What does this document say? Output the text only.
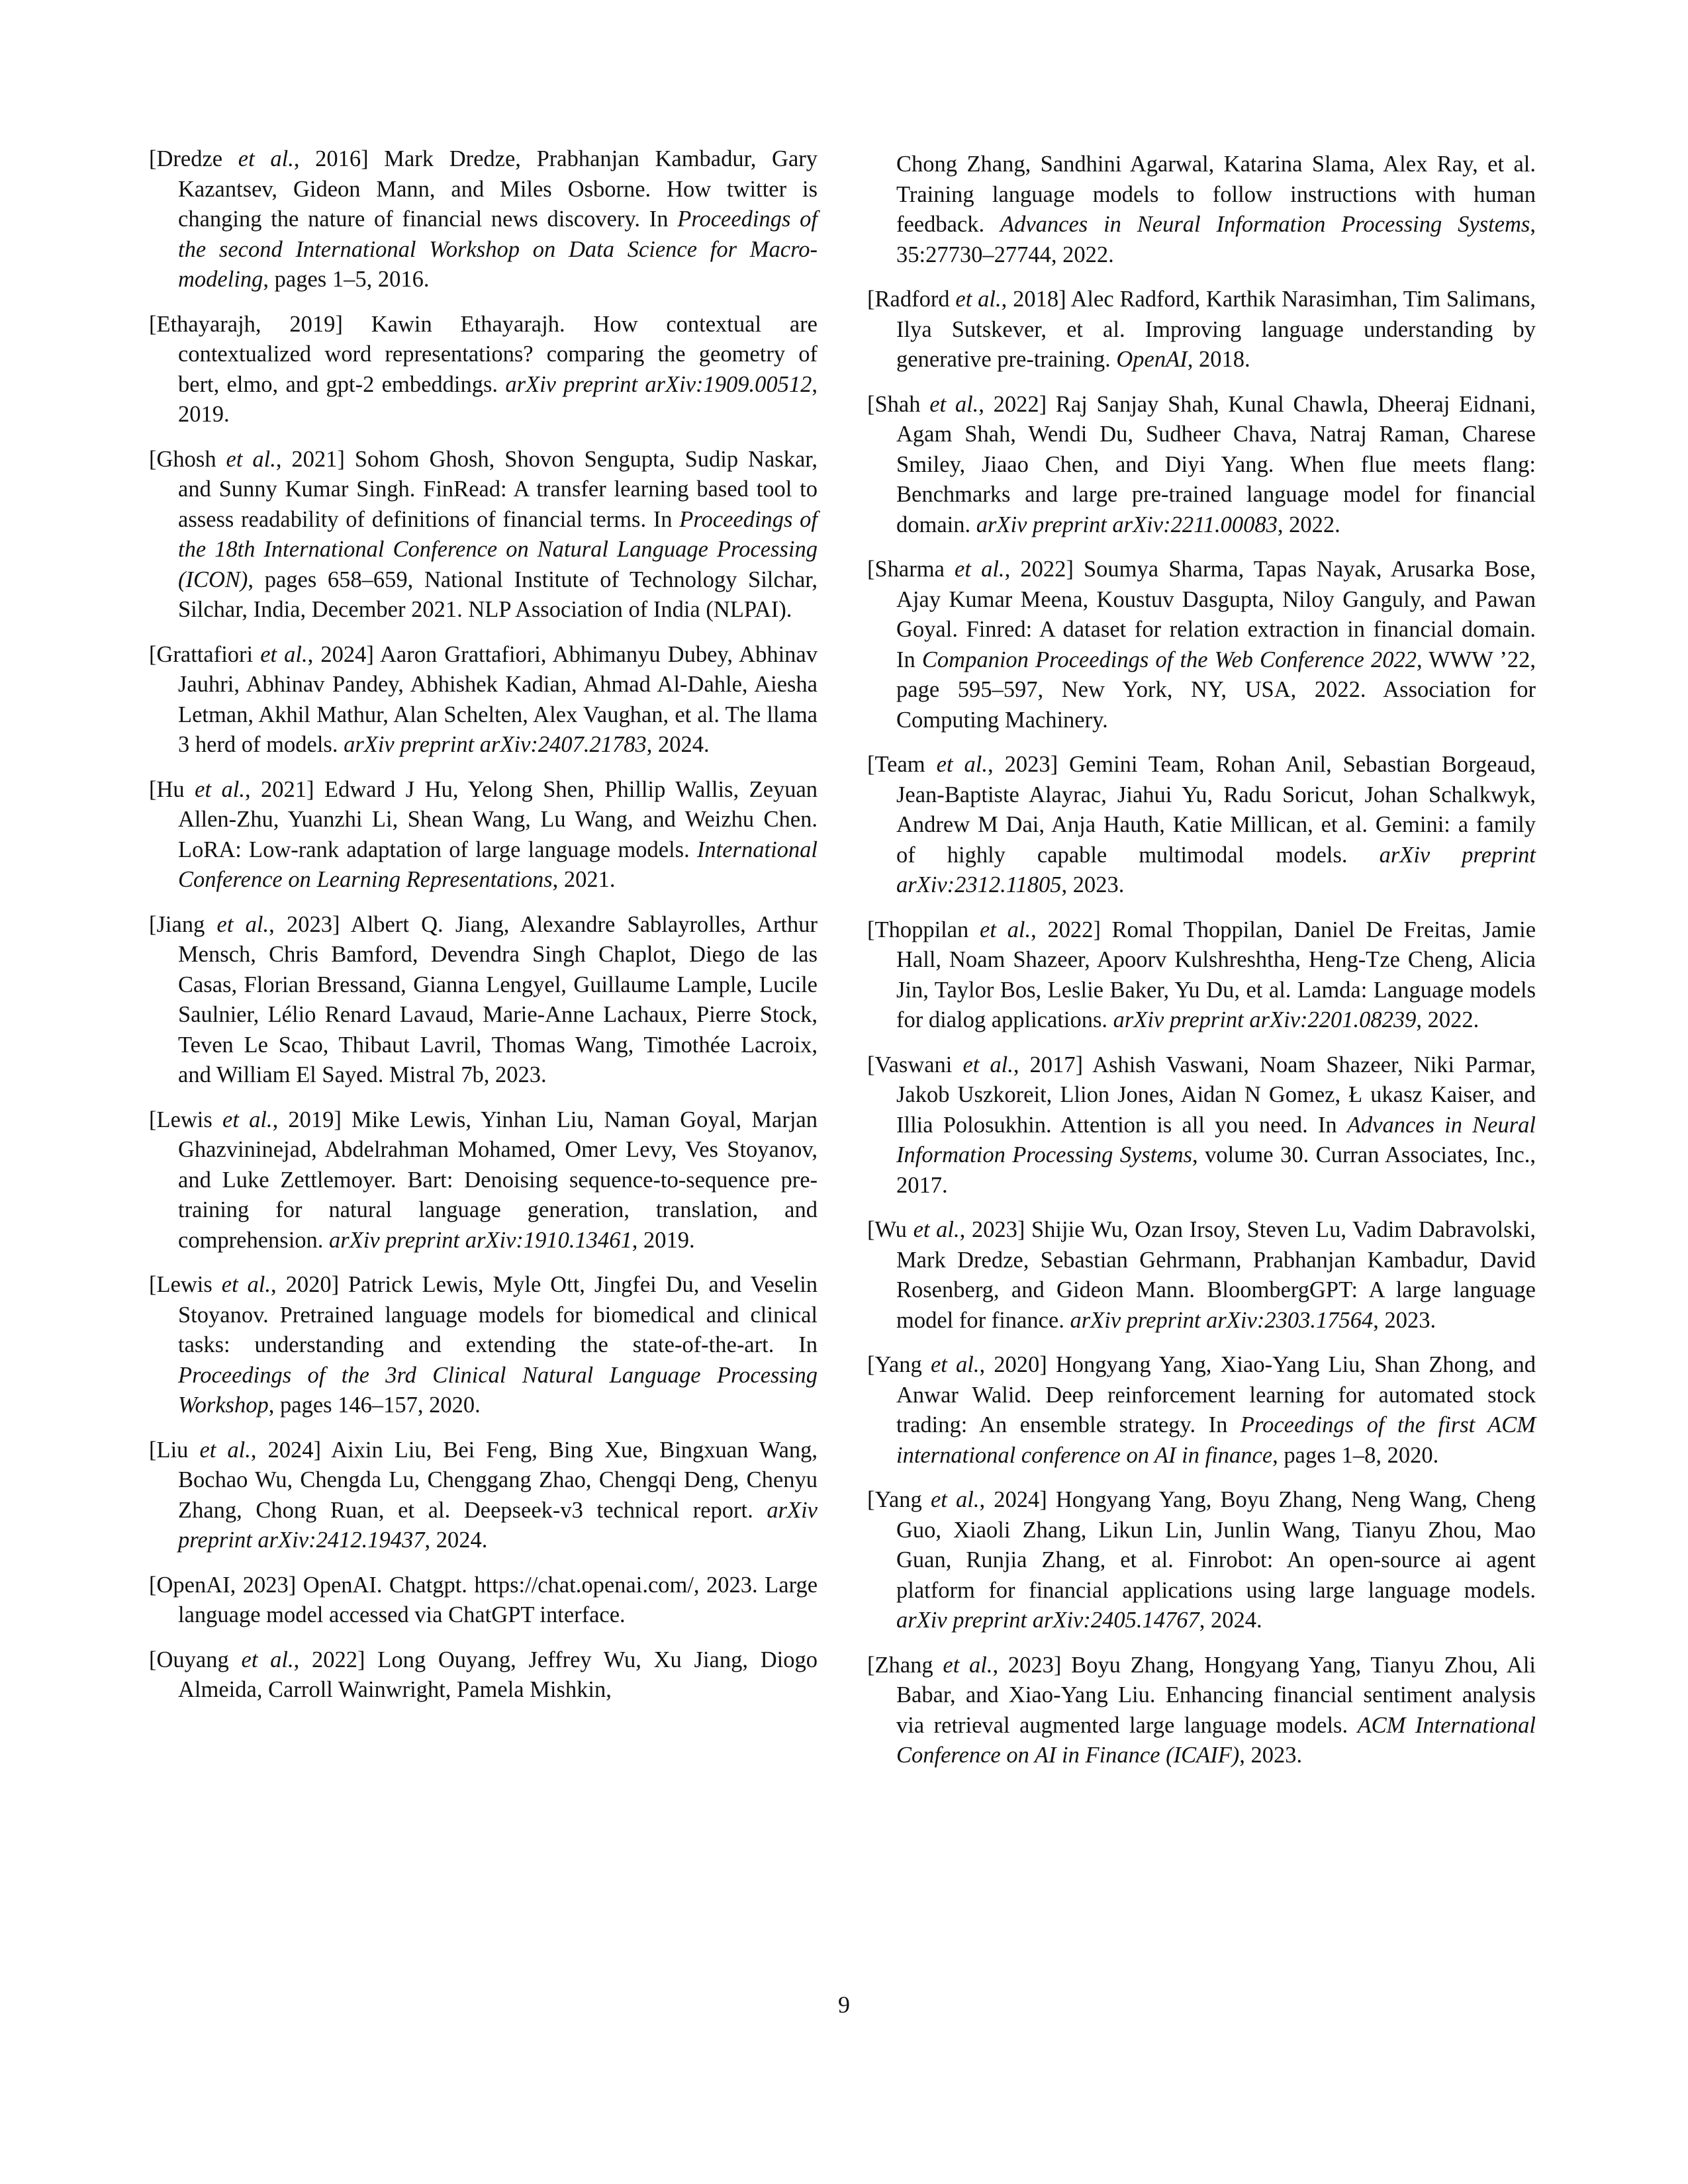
[Dredze et al., 2016] Mark Dredze, Prabhanjan Kambadur, Gary Kazantsev, Gideon Mann, and Miles Osborne. How twitter is changing the nature of financial news discovery. In Proceedings of the second International Workshop on Data Science for Macro-modeling, pages 1–5, 2016.

[Ethayarajh, 2019] Kawin Ethayarajh. How contextual are contextualized word representations? comparing the geometry of bert, elmo, and gpt-2 embeddings. arXiv preprint arXiv:1909.00512, 2019.

[Ghosh et al., 2021] Sohom Ghosh, Shovon Sengupta, Sudip Naskar, and Sunny Kumar Singh. FinRead: A transfer learning based tool to assess readability of definitions of financial terms. In Proceedings of the 18th International Conference on Natural Language Processing (ICON), pages 658–659, National Institute of Technology Silchar, Silchar, India, December 2021. NLP Association of India (NLPAI).

[Grattafiori et al., 2024] Aaron Grattafiori, Abhimanyu Dubey, Abhinav Jauhri, Abhinav Pandey, Abhishek Kadian, Ahmad Al-Dahle, Aiesha Letman, Akhil Mathur, Alan Schelten, Alex Vaughan, et al. The llama 3 herd of models. arXiv preprint arXiv:2407.21783, 2024.

[Hu et al., 2021] Edward J Hu, Yelong Shen, Phillip Wallis, Zeyuan Allen-Zhu, Yuanzhi Li, Shean Wang, Lu Wang, and Weizhu Chen. LoRA: Low-rank adaptation of large language models. International Conference on Learning Representations, 2021.

[Jiang et al., 2023] Albert Q. Jiang, Alexandre Sablayrolles, Arthur Mensch, Chris Bamford, Devendra Singh Chaplot, Diego de las Casas, Florian Bressand, Gianna Lengyel, Guillaume Lample, Lucile Saulnier, Lélio Renard Lavaud, Marie-Anne Lachaux, Pierre Stock, Teven Le Scao, Thibaut Lavril, Thomas Wang, Timothée Lacroix, and William El Sayed. Mistral 7b, 2023.

[Lewis et al., 2019] Mike Lewis, Yinhan Liu, Naman Goyal, Marjan Ghazvininejad, Abdelrahman Mohamed, Omer Levy, Ves Stoyanov, and Luke Zettlemoyer. Bart: Denoising sequence-to-sequence pre-training for natural language generation, translation, and comprehension. arXiv preprint arXiv:1910.13461, 2019.

[Lewis et al., 2020] Patrick Lewis, Myle Ott, Jingfei Du, and Veselin Stoyanov. Pretrained language models for biomedical and clinical tasks: understanding and extending the state-of-the-art. In Proceedings of the 3rd Clinical Natural Language Processing Workshop, pages 146–157, 2020.

[Liu et al., 2024] Aixin Liu, Bei Feng, Bing Xue, Bingxuan Wang, Bochao Wu, Chengda Lu, Chenggang Zhao, Chengqi Deng, Chenyu Zhang, Chong Ruan, et al. Deepseek-v3 technical report. arXiv preprint arXiv:2412.19437, 2024.

[OpenAI, 2023] OpenAI. Chatgpt. https://chat.openai.com/, 2023. Large language model accessed via ChatGPT interface.

[Ouyang et al., 2022] Long Ouyang, Jeffrey Wu, Xu Jiang, Diogo Almeida, Carroll Wainwright, Pamela Mishkin,

Chong Zhang, Sandhini Agarwal, Katarina Slama, Alex Ray, et al. Training language models to follow instructions with human feedback. Advances in Neural Information Processing Systems, 35:27730–27744, 2022.

[Radford et al., 2018] Alec Radford, Karthik Narasimhan, Tim Salimans, Ilya Sutskever, et al. Improving language understanding by generative pre-training. OpenAI, 2018.

[Shah et al., 2022] Raj Sanjay Shah, Kunal Chawla, Dheeraj Eidnani, Agam Shah, Wendi Du, Sudheer Chava, Natraj Raman, Charese Smiley, Jiaao Chen, and Diyi Yang. When flue meets flang: Benchmarks and large pre-trained language model for financial domain. arXiv preprint arXiv:2211.00083, 2022.

[Sharma et al., 2022] Soumya Sharma, Tapas Nayak, Arusarka Bose, Ajay Kumar Meena, Koustuv Dasgupta, Niloy Ganguly, and Pawan Goyal. Finred: A dataset for relation extraction in financial domain. In Companion Proceedings of the Web Conference 2022, WWW ’22, page 595–597, New York, NY, USA, 2022. Association for Computing Machinery.

[Team et al., 2023] Gemini Team, Rohan Anil, Sebastian Borgeaud, Jean-Baptiste Alayrac, Jiahui Yu, Radu Soricut, Johan Schalkwyk, Andrew M Dai, Anja Hauth, Katie Millican, et al. Gemini: a family of highly capable multimodal models. arXiv preprint arXiv:2312.11805, 2023.

[Thoppilan et al., 2022] Romal Thoppilan, Daniel De Freitas, Jamie Hall, Noam Shazeer, Apoorv Kulshreshtha, Heng-Tze Cheng, Alicia Jin, Taylor Bos, Leslie Baker, Yu Du, et al. Lamda: Language models for dialog applications. arXiv preprint arXiv:2201.08239, 2022.

[Vaswani et al., 2017] Ashish Vaswani, Noam Shazeer, Niki Parmar, Jakob Uszkoreit, Llion Jones, Aidan N Gomez, Ł ukasz Kaiser, and Illia Polosukhin. Attention is all you need. In Advances in Neural Information Processing Systems, volume 30. Curran Associates, Inc., 2017.

[Wu et al., 2023] Shijie Wu, Ozan Irsoy, Steven Lu, Vadim Dabravolski, Mark Dredze, Sebastian Gehrmann, Prabhanjan Kambadur, David Rosenberg, and Gideon Mann. BloombergGPT: A large language model for finance. arXiv preprint arXiv:2303.17564, 2023.

[Yang et al., 2020] Hongyang Yang, Xiao-Yang Liu, Shan Zhong, and Anwar Walid. Deep reinforcement learning for automated stock trading: An ensemble strategy. In Proceedings of the first ACM international conference on AI in finance, pages 1–8, 2020.

[Yang et al., 2024] Hongyang Yang, Boyu Zhang, Neng Wang, Cheng Guo, Xiaoli Zhang, Likun Lin, Junlin Wang, Tianyu Zhou, Mao Guan, Runjia Zhang, et al. Finrobot: An open-source ai agent platform for financial applications using large language models. arXiv preprint arXiv:2405.14767, 2024.

[Zhang et al., 2023] Boyu Zhang, Hongyang Yang, Tianyu Zhou, Ali Babar, and Xiao-Yang Liu. Enhancing financial sentiment analysis via retrieval augmented large language models. ACM International Conference on AI in Finance (ICAIF), 2023.

9
